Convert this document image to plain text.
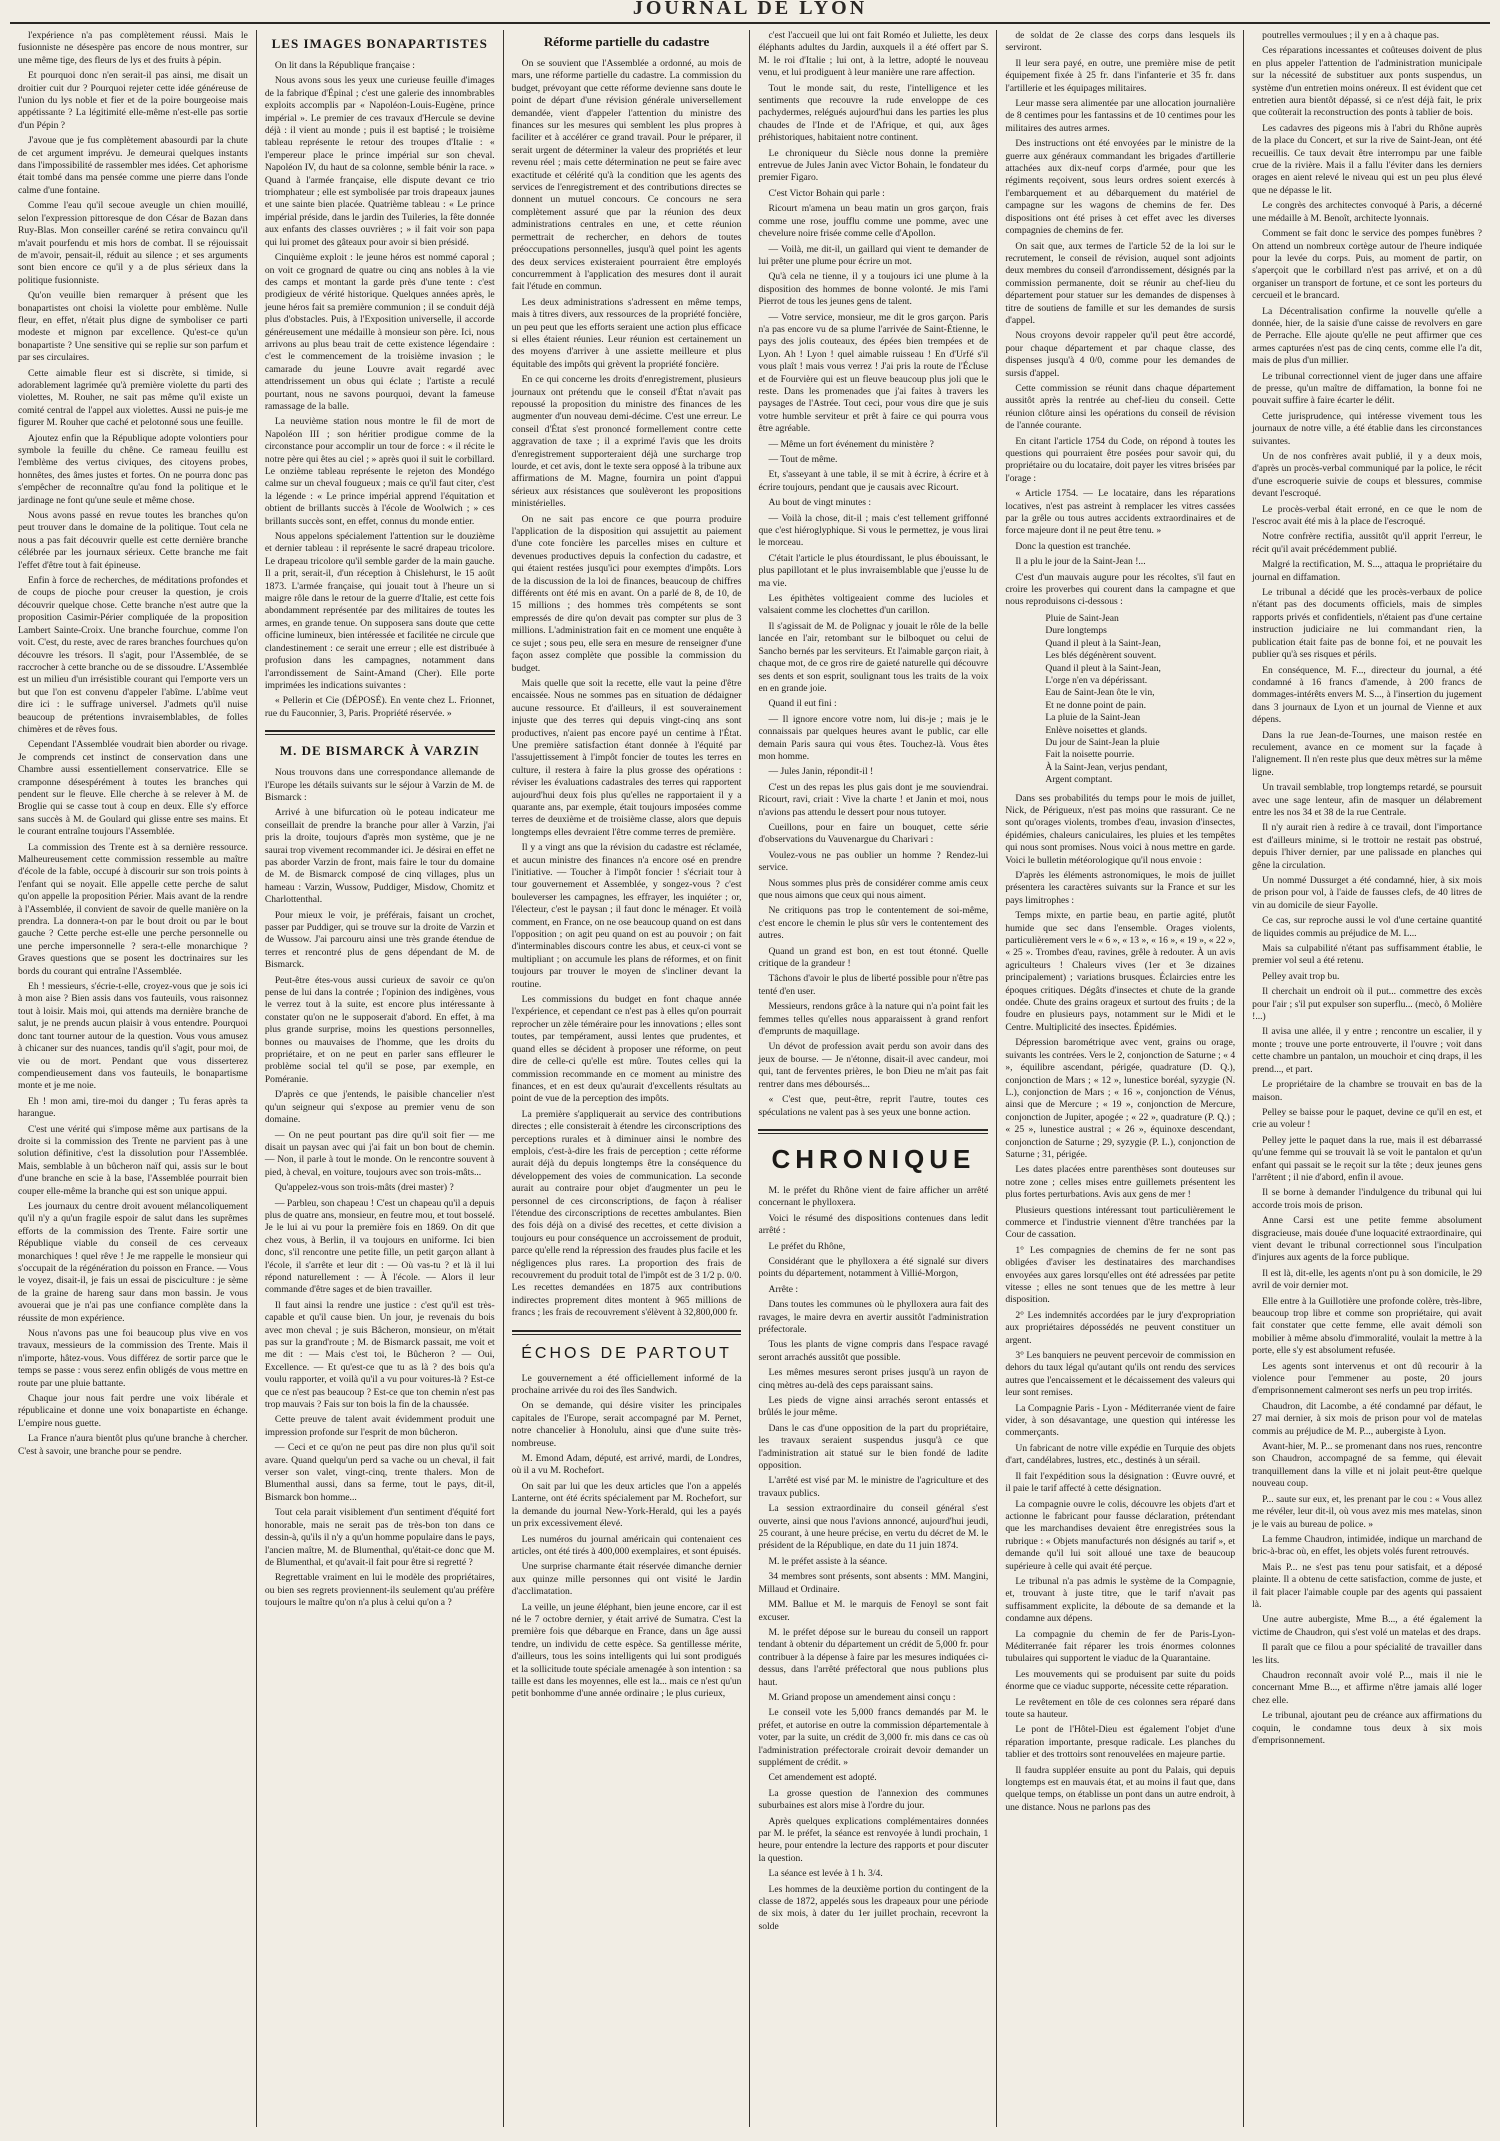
JOURNAL DE LYON

l'expérience n'a pas complètement réussi. Mais le fusionniste ne désespère pas encore de nous montrer, sur une même tige, des fleurs de lys et des fruits à pépin.

Et pourquoi donc n'en serait-il pas ainsi, me disait un droitier cuit dur ? Pourquoi rejeter cette idée généreuse de l'union du lys noble et fier et de la poire bourgeoise mais appétissante ? La légitimité elle-même n'est-elle pas sortie d'un Pépin ?

J'avoue que je fus complètement abasourdi par la chute de cet argument imprévu. Je demeurai quelques instants dans l'impossibilité de rassembler mes idées. Cet aphorisme était tombé dans ma pensée comme une pierre dans l'onde calme d'une fontaine.

Comme l'eau qu'il secoue aveugle un chien mouillé, selon l'expression pittoresque de don César de Bazan dans Ruy-Blas. Mon conseiller caréné se retira convaincu qu'il m'avait pourfendu et mis hors de combat. Il se réjouissait de m'avoir, pensait-il, réduit au silence ; et ses arguments sont bien encore ce qu'il y a de plus sérieux dans la politique fusionniste.

Qu'on veuille bien remarquer à présent que les bonapartistes ont choisi la violette pour emblème. Nulle fleur, en effet, n'était plus digne de symboliser ce parti modeste et mignon par excellence. Qu'est-ce qu'un bonapartiste ? Une sensitive qui se replie sur son parfum et par ses circulaires.

Cette aimable fleur est si discrète, si timide, si adorablement lagrimée qu'à première violette du parti des violettes, M. Rouher, ne sait pas même qu'il existe un comité central de l'appel aux violettes. Aussi ne puis-je me figurer M. Rouher que caché et pelotonné sous une feuille.

Ajoutez enfin que la République adopte volontiers pour symbole la feuille du chêne. Ce rameau feuillu est l'emblème des vertus civiques, des citoyens probes, honnêtes, des âmes justes et fortes. On ne pourra donc pas s'empêcher de reconnaître qu'au fond la politique et le jardinage ne font qu'une seule et même chose.

Nous avons passé en revue toutes les branches qu'on peut trouver dans le domaine de la politique. Tout cela ne nous a pas fait découvrir quelle est cette dernière branche célébrée par les journaux sérieux. Cette branche me fait l'effet d'être tout à fait épineuse.

Enfin à force de recherches, de méditations profondes et de coups de pioche pour creuser la question, je crois découvrir quelque chose. Cette branche n'est autre que la proposition Casimir-Périer compliquée de la proposition Lambert Sainte-Croix. Une branche fourchue, comme l'on voit. C'est, du reste, avec de rares branches fourchues qu'on découvre les trésors. Il s'agit, pour l'Assemblée, de se raccrocher à cette branche ou de se dissoudre. L'Assemblée est un milieu d'un irrésistible courant qui l'emporte vers un but que l'on est convenu d'appeler l'abîme. L'abîme veut dire ici : le suffrage universel. J'admets qu'il nuise beaucoup de prétentions invraisemblables, de folles chimères et de rêves fous.

Cependant l'Assemblée voudrait bien aborder ou rivage. Je comprends cet instinct de conservation dans une Chambre aussi essentiellement conservatrice. Elle se cramponne désespérément à toutes les branches qui pendent sur le fleuve. Elle cherche à se relever à M. de Broglie qui se casse tout à coup en deux. Elle s'y efforce sans succès à M. de Goulard qui glisse entre ses mains. Et le courant entraîne toujours l'Assemblée.

La commission des Trente est à sa dernière ressource. Malheureusement cette commission ressemble au maître d'école de la fable, occupé à discourir sur son trois points à l'enfant qui se noyait. Elle appelle cette perche de salut qu'on appelle la proposition Périer. Mais avant de la rendre à l'Assemblée, il convient de savoir de quelle manière on la prendra. La donnera-t-on par le bout droit ou par le bout gauche ? Cette perche est-elle une perche personnelle ou une perche impersonnelle ? sera-t-elle monarchique ? Graves questions que se posent les doctrinaires sur les bords du courant qui entraîne l'Assemblée.

Eh ! messieurs, s'écrie-t-elle, croyez-vous que je sois ici à mon aise ? Bien assis dans vos fauteuils, vous raisonnez tout à loisir. Mais moi, qui attends ma dernière branche de salut, je ne prends aucun plaisir à vous entendre. Pourquoi donc tant tourner autour de la question. Vous vous amusez à chicaner sur des nuances, tandis qu'il s'agit, pour moi, de vie ou de mort. Pendant que vous disserterez compendieusement dans vos fauteuils, le bonapartisme monte et je me noie.

Eh ! mon ami, tire-moi du danger ; Tu feras après ta harangue.

C'est une vérité qui s'impose même aux partisans de la droite si la commission des Trente ne parvient pas à une solution définitive, c'est la dissolution pour l'Assemblée. Mais, semblable à un bûcheron naïf qui, assis sur le bout d'une branche en scie à la base, l'Assemblée pourrait bien couper elle-même la branche qui est son unique appui.

Les journaux du centre droit avouent mélancoliquement qu'il n'y a qu'un fragile espoir de salut dans les suprêmes efforts de la commission des Trente. Faire sortir une République viable du conseil de ces cerveaux monarchiques ! quel rêve ! Je me rappelle le monsieur qui s'occupait de la régénération du poisson en France. — Vous le voyez, disait-il, je fais un essai de pisciculture : je sème de la graine de hareng saur dans mon bassin. Je vous avouerai que je n'ai pas une confiance complète dans la réussite de mon expérience.

Nous n'avons pas une foi beaucoup plus vive en vos travaux, messieurs de la commission des Trente. Mais il n'importe, hâtez-vous. Vous différez de sortir parce que le temps se passe : vous serez enfin obligés de vous mettre en route par une pluie battante.

Chaque jour nous fait perdre une voix libérale et républicaine et donne une voix bonapartiste en échange. L'empire nous guette.

La France n'aura bientôt plus qu'une branche à chercher. C'est à savoir, une branche pour se pendre.

LES IMAGES BONAPARTISTES

On lit dans la République française :

Nous avons sous les yeux une curieuse feuille d'images de la fabrique d'Épinal ; c'est une galerie des innombrables exploits accomplis par « Napoléon-Louis-Eugène, prince impérial ». Le premier de ces travaux d'Hercule se devine déjà : il vient au monde ; puis il est baptisé ; le troisième tableau représente le retour des troupes d'Italie : « l'empereur place le prince impérial sur son cheval. Napoléon IV, du haut de sa colonne, semble bénir la race. » Quand à l'armée française, elle dispute devant ce trio triomphateur ; elle est symbolisée par trois drapeaux jaunes et une sainte bien placée. Quatrième tableau : « Le prince impérial préside, dans le jardin des Tuileries, la fête donnée aux enfants des classes ouvrières ; » il fait voir son papa qui lui promet des gâteaux pour avoir si bien présidé.

Cinquième exploit : le jeune héros est nommé caporal ; on voit ce grognard de quatre ou cinq ans nobles à la vie des camps et montant la garde près d'une tente : c'est prodigieux de vérité historique. Quelques années après, le jeune héros fait sa première communion ; il se conduit déjà plus d'obstacles. Puis, à l'Exposition universelle, il accorde généreusement une médaille à monsieur son père. Ici, nous arrivons au plus beau trait de cette existence légendaire : c'est le commencement de la troisième invasion ; le camarade du jeune Louvre avait regardé avec attendrissement un obus qui éclate ; l'artiste a reculé pourtant, nous ne savons pourquoi, devant la fameuse ramassage de la balle.

La neuvième station nous montre le fil de mort de Napoléon III ; son héritier prodigue comme de la circonstance pour accomplir un tour de force : « il récite le notre père qui êtes au ciel ; » après quoi il suit le corbillard. Le onzième tableau représente le rejeton des Mondégo calme sur un cheval fougueux ; mais ce qu'il faut citer, c'est la légende : « Le prince impérial apprend l'équitation et obtient de brillants succès à l'école de Woolwich ; » ces brillants succès sont, en effet, connus du monde entier.

Nous appelons spécialement l'attention sur le douzième et dernier tableau : il représente le sacré drapeau tricolore. Le drapeau tricolore qu'il semble garder de la main gauche. Il a prit, serait-il, d'un réception à Chislehurst, le 15 août 1873. L'armée française, qui jouait tout à l'heure un si maigre rôle dans le retour de la guerre d'Italie, est cette fois abondamment représentée par des militaires de toutes les armes, en grande tenue. On supposera sans doute que cette officine lumineux, bien intéressée et facilitée ne circule que clandestinement : ce serait une erreur ; elle est distribuée à profusion dans les campagnes, notamment dans l'arrondissement de Saint-Amand (Cher). Elle porte imprimées les indications suivantes :

« Pellerin et Cie (DÉPOSÉ). En vente chez L. Frionnet, rue du Fauconnier, 3, Paris. Propriété réservée. »

M. DE BISMARCK À VARZIN

Nous trouvons dans une correspondance allemande de l'Europe les détails suivants sur le séjour à Varzin de M. de Bismarck :

Arrivé à une bifurcation où le poteau indicateur me conseillait de prendre la branche pour aller à Varzin, j'ai pris la droite, toujours d'après mon système, que je ne saurai trop vivement recommander ici. Je désirai en effet ne pas aborder Varzin de front, mais faire le tour du domaine de M. de Bismarck composé de cinq villages, plus un hameau : Varzin, Wussow, Puddiger, Misdow, Chomitz et Charlottenthal.

Pour mieux le voir, je préférais, faisant un crochet, passer par Puddiger, qui se trouve sur la droite de Varzin et de Wussow. J'ai parcouru ainsi une très grande étendue de terres et rencontré plus de gens dépendant de M. de Bismarck.

Peut-être étes-vous aussi curieux de savoir ce qu'on pense de lui dans la contrée ; l'opinion des indigènes, vous le verrez tout à la suite, est encore plus intéressante à constater qu'on ne le supposerait d'abord. En effet, à ma plus grande surprise, moins les questions personnelles, bonnes ou mauvaises de l'homme, que les droits du propriétaire, et on ne peut en parler sans effleurer le problème social tel qu'il se pose, par exemple, en Poméranie.

D'après ce que j'entends, le paisible chancelier n'est qu'un seigneur qui s'expose au premier venu de son domaine.

— On ne peut pourtant pas dire qu'il soit fier — me disait un paysan avec qui j'ai fait un bon bout de chemin. — Non, il parle à tout le monde. On le rencontre souvent à pied, à cheval, en voiture, toujours avec son trois-mâts...

Qu'appelez-vous son trois-mâts (drei master) ?

— Parbleu, son chapeau ! C'est un chapeau qu'il a depuis plus de quatre ans, monsieur, en feutre mou, et tout bosselé. Je le lui ai vu pour la première fois en 1869. On dit que chez vous, à Berlin, il va toujours en uniforme. Ici bien donc, s'il rencontre une petite fille, un petit garçon allant à l'école, il s'arrête et leur dit : — Où vas-tu ? et là il lui répond naturellement : — À l'école. — Alors il leur commande d'être sages et de bien travailler.

Il faut ainsi la rendre une justice : c'est qu'il est très-capable et qu'il cause bien. Un jour, je revenais du bois avec mon cheval ; je suis Bâcheron, monsieur, on m'était pas sur la grand'route ; M. de Bismarck passait, me voit et me dit : — Mais c'est toi, le Bûcheron ? — Oui, Excellence. — Et qu'est-ce que tu as là ? des bois qu'a voulu rapporter, et voilà qu'il a vu pour voitures-là ? Est-ce que ce n'est pas beaucoup ? Est-ce que ton chemin n'est pas trop mauvais ? Fais sur ton bois la fin de la chaussée.

Cette preuve de talent avait évidemment produit une impression profonde sur l'esprit de mon bûcheron.

— Ceci et ce qu'on ne peut pas dire non plus qu'il soit avare. Quand quelqu'un perd sa vache ou un cheval, il fait verser son valet, vingt-cinq, trente thalers. Mon de Blumenthal aussi, dans sa ferme, tout le pays, dit-il, Bismarck bon homme...

Tout cela parait visiblement d'un sentiment d'équité fort honorable, mais ne serait pas de très-bon ton dans ce dessin-à, qu'ils il n'y a qu'un homme populaire dans le pays, l'ancien maître, M. de Blumenthal, qu'était-ce donc que M. de Blumenthal, et qu'avait-il fait pour être si regretté ?

Regrettable vraiment en lui le modèle des propriétaires, ou bien ses regrets proviennent-ils seulement qu'au préfère toujours le maître qu'on n'a plus à celui qu'on a ?

Réforme partielle du cadastre

On se souvient que l'Assemblée a ordonné, au mois de mars, une réforme partielle du cadastre. La commission du budget, prévoyant que cette réforme devienne sans doute le point de départ d'une révision générale universellement demandée, vient d'appeler l'attention du ministre des finances sur les mesures qui semblent les plus propres à faciliter et à accélérer ce grand travail. Pour le préparer, il serait urgent de déterminer la valeur des propriétés et leur revenu réel ; mais cette détermination ne peut se faire avec exactitude et célérité qu'à la condition que les agents des services de l'enregistrement et des contributions directes se donnent un mutuel concours. Ce concours ne sera complètement assuré que par la réunion des deux administrations centrales en une, et cette réunion permettrait de rechercher, en dehors de toutes préoccupations personnelles, jusqu'à quel point les agents des deux services existeraient pourraient être employés concurremment à l'application des mesures dont il aurait fait l'étude en commun.

Les deux administrations s'adressent en même temps, mais à titres divers, aux ressources de la propriété foncière, un peu peut que les efforts seraient une action plus efficace si elles étaient réunies. Leur réunion est certainement un des moyens d'arriver à une assiette meilleure et plus équitable des impôts qui grèvent la propriété foncière.

En ce qui concerne les droits d'enregistrement, plusieurs journaux ont prétendu que le conseil d'État n'avait pas repoussé la proposition du ministre des finances de les augmenter d'un nouveau demi-décime. C'est une erreur. Le conseil d'État s'est prononcé formellement contre cette aggravation de taxe ; il a exprimé l'avis que les droits d'enregistrement supporteraient déjà une surcharge trop lourde, et cet avis, dont le texte sera opposé à la tribune aux affirmations de M. Magne, fournira un point d'appui sérieux aux résistances que soulèveront les propositions ministérielles.

On ne sait pas encore ce que pourra produire l'application de la disposition qui assujettit au paiement d'une cote foncière les parcelles mises en culture et devenues productives depuis la confection du cadastre, et qui étaient restées jusqu'ici pour exemptes d'impôts. Lors de la discussion de la loi de finances, beaucoup de chiffres différents ont été mis en avant. On a parlé de 8, de 10, de 15 millions ; des hommes très compétents se sont empressés de dire qu'on devait pas compter sur plus de 3 millions. L'administration fait en ce moment une enquête à ce sujet ; sous peu, elle sera en mesure de renseigner d'une façon assez complète que possible la commission du budget.

Mais quelle que soit la recette, elle vaut la peine d'être encaissée. Nous ne sommes pas en situation de dédaigner aucune ressource. Et d'ailleurs, il est souverainement injuste que des terres qui depuis vingt-cinq ans sont productives, n'aient pas encore payé un centime à l'État. Une première satisfaction étant donnée à l'équité par l'assujettissement à l'impôt foncier de toutes les terres en culture, il restera à faire la plus grosse des opérations : réviser les évaluations cadastrales des terres qui rapportent aujourd'hui deux fois plus qu'elles ne rapportaient il y a quarante ans, par exemple, était toujours imposées comme terres de deuxième et de troisième classe, alors que depuis longtemps elles devraient l'être comme terres de première.

Il y a vingt ans que la révision du cadastre est réclamée, et aucun ministre des finances n'a encore osé en prendre l'initiative. — Toucher à l'impôt foncier ! s'écriait tour à tour gouvernement et Assemblée, y songez-vous ? c'est bouleverser les campagnes, les effrayer, les inquiéter ; or, l'électeur, c'est le paysan ; il faut donc le ménager. Et voilà comment, en France, on ne ose beaucoup quand on est dans l'opposition ; on agit peu quand on est au pouvoir ; on fait d'interminables discours contre les abus, et ceux-ci vont se multipliant ; on accumule les plans de réformes, et on finit toujours par trouver le moyen de s'incliner devant la routine.

Les commissions du budget en font chaque année l'expérience, et cependant ce n'est pas à elles qu'on pourrait reprocher un zèle téméraire pour les innovations ; elles sont toutes, par tempérament, aussi lentes que prudentes, et quand elles se décident à proposer une réforme, on peut dire de celle-ci qu'elle est mûre. Toutes celles qui la commission recommande en ce moment au ministre des finances, et en est deux qu'aurait d'excellents résultats au point de vue de la perception des impôts.

La première s'appliquerait au service des contributions directes ; elle consisterait à étendre les circonscriptions des perceptions rurales et à diminuer ainsi le nombre des emplois, c'est-à-dire les frais de perception ; cette réforme aurait déjà du depuis longtemps être la conséquence du développement des voies de communication. La seconde aurait au contraire pour objet d'augmenter un peu le personnel de ces circonscriptions, de façon à réaliser l'étendue des circonscriptions de recettes ambulantes. Bien des fois déjà on a divisé des recettes, et cette division a toujours eu pour conséquence un accroissement de produit, parce qu'elle rend la répression des fraudes plus facile et les négligences plus rares. La proportion des frais de recouvrement du produit total de l'impôt est de 3 1/2 p. 0/0. Les recettes demandées en 1875 aux contributions indirectes proprement dites montent à 965 millions de francs ; les frais de recouvrement s'élèvent à 32,800,000 fr.

ÉCHOS DE PARTOUT

Le gouvernement a été officiellement informé de la prochaine arrivée du roi des îles Sandwich.

On se demande, qui désire visiter les principales capitales de l'Europe, serait accompagné par M. Pernet, notre chancelier à Honolulu, ainsi que d'une suite très-nombreuse.

M. Emond Adam, député, est arrivé, mardi, de Londres, où il a vu M. Rochefort.

On sait par lui que les deux articles que l'on a appelés Lanterne, ont été écrits spécialement par M. Rochefort, sur la demande du journal New-York-Herald, qui les a payés un prix excessivement élevé.

Les numéros du journal américain qui contenaient ces articles, ont été tirés à 400,000 exemplaires, et sont épuisés.

Une surprise charmante était réservée dimanche dernier aux quinze mille personnes qui ont visité le Jardin d'acclimatation.

La veille, un jeune éléphant, bien jeune encore, car il est né le 7 octobre dernier, y était arrivé de Sumatra. C'est la première fois que débarque en France, dans un âge aussi tendre, un individu de cette espèce. Sa gentillesse mérite, d'ailleurs, tous les soins intelligents qui lui sont prodigués et la sollicitude toute spéciale amenagée à son intention : sa taille est dans les moyennes, elle est la... mais ce n'est qu'un petit bonhomme d'une année ordinaire ; le plus curieux,

c'est l'accueil que lui ont fait Roméo et Juliette, les deux éléphants adultes du Jardin, auxquels il a été offert par S. M. le roi d'Italie ; lui ont, à la lettre, adopté le nouveau venu, et lui prodiguent à leur manière une rare affection.

Tout le monde sait, du reste, l'intelligence et les sentiments que recouvre la rude enveloppe de ces pachydermes, relégués aujourd'hui dans les parties les plus chaudes de l'Inde et de l'Afrique, et qui, aux âges préhistoriques, habitaient notre continent.

Le chroniqueur du Siècle nous donne la première entrevue de Jules Janin avec Victor Bohain, le fondateur du premier Figaro.

C'est Victor Bohain qui parle :

Ricourt m'amena un beau matin un gros garçon, frais comme une rose, joufflu comme une pomme, avec une chevelure noire frisée comme celle d'Apollon.

— Voilà, me dit-il, un gaillard qui vient te demander de lui prêter une plume pour écrire un mot.

Qu'à cela ne tienne, il y a toujours ici une plume à la disposition des hommes de bonne volonté. Je mis l'ami Pierrot de tous les jeunes gens de talent.

— Votre service, monsieur, me dit le gros garçon. Paris n'a pas encore vu de sa plume l'arrivée de Saint-Étienne, le pays des jolis couteaux, des épées bien trempées et de Lyon. Ah ! Lyon ! quel aimable ruisseau ! En d'Urfé s'il vous plaît ! mais vous verrez ! J'ai pris la route de l'Écluse et de Fourvière qui est un fleuve beaucoup plus joli que le reste. Dans les promenades que j'ai faites à travers les paysages de l'Astrée. Tout ceci, pour vous dire que je suis votre humble serviteur et prêt à faire ce qui pourra vous être agréable.

— Même un fort événement du ministère ?

— Tout de même.

Et, s'asseyant à une table, il se mit à écrire, à écrire et à écrire toujours, pendant que je causais avec Ricourt.

Au bout de vingt minutes :

— Voilà la chose, dit-il ; mais c'est tellement griffonné que c'est hiéroglyphique. Si vous le permettez, je vous lirai le morceau.

C'était l'article le plus étourdissant, le plus ébouissant, le plus papillotant et le plus invraisemblable que j'eusse lu de ma vie.

Les épithètes voltigeaient comme des lucioles et valsaient comme les clochettes d'un carillon.

Il s'agissait de M. de Polignac y jouait le rôle de la belle lancée en l'air, retombant sur le bilboquet ou celui de Sancho bernés par les serviteurs. Et l'aimable garçon riait, à chaque mot, de ce gros rire de gaieté naturelle qui découvre ses dents et son esprit, soulignant tous les traits de la voix en en grande joie.

Quand il eut fini :

— Il ignore encore votre nom, lui dis-je ; mais je le connaissais par quelques heures avant le public, car elle demain Paris saura qui vous êtes. Touchez-là. Vous êtes mon homme.

— Jules Janin, répondit-il !

C'est un des repas les plus gais dont je me souviendrai. Ricourt, ravi, criait : Vive la charte ! et Janin et moi, nous n'avions pas attendu le dessert pour nous tutoyer.

Cueillons, pour en faire un bouquet, cette série d'observations du Vauvenargue du Charivari :

Voulez-vous ne pas oublier un homme ? Rendez-lui service.

Nous sommes plus près de considérer comme amis ceux que nous aimons que ceux qui nous aiment.

Ne critiquons pas trop le contentement de soi-même, c'est encore le chemin le plus sûr vers le contentement des autres.

Quand un grand est bon, en est tout étonné. Quelle critique de la grandeur !

Tâchons d'avoir le plus de liberté possible pour n'être pas tenté d'en user.

Messieurs, rendons grâce à la nature qui n'a point fait les femmes telles qu'elles nous apparaissent à grand renfort d'emprunts de maquillage.

Un dévot de profession avait perdu son avoir dans des jeux de bourse. — Je n'étonne, disait-il avec candeur, moi qui, tant de ferventes prières, le bon Dieu ne m'ait pas fait rentrer dans mes déboursés...

« C'est que, peut-être, reprit l'autre, toutes ces spéculations ne valent pas à ses yeux une bonne action.

CHRONIQUE

M. le préfet du Rhône vient de faire afficher un arrêté concernant le phylloxera.

Voici le résumé des dispositions contenues dans ledit arrêté :

Le préfet du Rhône,

Considérant que le phylloxera a été signalé sur divers points du département, notamment à Villié-Morgon,

Arrête :

Dans toutes les communes où le phylloxera aura fait des ravages, le maire devra en avertir aussitôt l'administration préfectorale.

Tous les plants de vigne compris dans l'espace ravagé seront arrachés aussitôt que possible.

Les mêmes mesures seront prises jusqu'à un rayon de cinq mètres au-delà des ceps paraissant sains.

Les pieds de vigne ainsi arrachés seront entassés et brûlés le jour même.

Dans le cas d'une opposition de la part du propriétaire, les travaux seraient suspendus jusqu'à ce que l'administration ait statué sur le bien fondé de ladite opposition.

L'arrêté est visé par M. le ministre de l'agriculture et des travaux publics.

La session extraordinaire du conseil général s'est ouverte, ainsi que nous l'avions annoncé, aujourd'hui jeudi, 25 courant, à une heure précise, en vertu du décret de M. le président de la République, en date du 11 juin 1874.

M. le préfet assiste à la séance.

34 membres sont présents, sont absents : MM. Mangini, Millaud et Ordinaire.

MM. Ballue et M. le marquis de Fenoyl se sont fait excuser.

M. le préfet dépose sur le bureau du conseil un rapport tendant à obtenir du département un crédit de 5,000 fr. pour contribuer à la dépense à faire par les mesures indiquées ci-dessus, dans l'arrêté préfectoral que nous publions plus haut.

M. Griand propose un amendement ainsi conçu :

Le conseil vote les 5,000 francs demandés par M. le préfet, et autorise en outre la commission départementale à voter, par la suite, un crédit de 3,000 fr. mis dans ce cas où l'administration préfectorale croirait devoir demander un supplément de crédit. »

Cet amendement est adopté.

La grosse question de l'annexion des communes suburbaines est alors mise à l'ordre du jour.

Après quelques explications complémentaires données par M. le préfet, la séance est renvoyée à lundi prochain, 1 heure, pour entendre la lecture des rapports et pour discuter la question.

La séance est levée à 1 h. 3/4.

Les hommes de la deuxième portion du contingent de la classe de 1872, appelés sous les drapeaux pour une période de six mois, à dater du 1er juillet prochain, recevront la solde

de soldat de 2e classe des corps dans lesquels ils serviront.

Il leur sera payé, en outre, une première mise de petit équipement fixée à 25 fr. dans l'infanterie et 35 fr. dans l'artillerie et les équipages militaires.

Leur masse sera alimentée par une allocation journalière de 8 centimes pour les fantassins et de 10 centimes pour les militaires des autres armes.

Des instructions ont été envoyées par le ministre de la guerre aux généraux commandant les brigades d'artillerie attachées aux dix-neuf corps d'armée, pour que les régiments reçoivent, sous leurs ordres soient exercés à l'embarquement et au débarquement du matériel de campagne sur les wagons de chemins de fer. Des dispositions ont été prises à cet effet avec les diverses compagnies de chemins de fer.

On sait que, aux termes de l'article 52 de la loi sur le recrutement, le conseil de révision, auquel sont adjoints deux membres du conseil d'arrondissement, désignés par la commission permanente, doit se réunir au chef-lieu du département pour statuer sur les demandes de dispenses à titre de soutiens de famille et sur les demandes de sursis d'appel.

Nous croyons devoir rappeler qu'il peut être accordé, pour chaque département et par chaque classe, des dispenses jusqu'à 4 0/0, comme pour les demandes de sursis d'appel.

Cette commission se réunit dans chaque département aussitôt après la rentrée au chef-lieu du conseil. Cette réunion clôture ainsi les opérations du conseil de révision de l'année courante.

En citant l'article 1754 du Code, on répond à toutes les questions qui pourraient être posées pour savoir qui, du propriétaire ou du locataire, doit payer les vitres brisées par l'orage :

« Article 1754. — Le locataire, dans les réparations locatives, n'est pas astreint à remplacer les vitres cassées par la grêle ou tous autres accidents extraordinaires et de force majeure dont il ne peut être tenu. »

Donc la question est tranchée.

Il a plu le jour de la Saint-Jean !...

C'est d'un mauvais augure pour les récoltes, s'il faut en croire les proverbes qui courent dans la campagne et que nous reproduisons ci-dessous :

Pluie de Saint-Jean
Dure longtemps
Quand il pleut à la Saint-Jean,
Les blés dégénèrent souvent.
Quand il pleut à la Saint-Jean,
L'orge n'en va dépérissant.
Eau de Saint-Jean ôte le vin,
Et ne donne point de pain.
La pluie de la Saint-Jean
Enlève noisettes et glands.
Du jour de Saint-Jean la pluie
Fait la noisette pourrie.
À la Saint-Jean, verjus pendant,
Argent comptant.

Dans ses probabilités du temps pour le mois de juillet, Nick, de Périgueux, n'est pas moins que rassurant. Ce ne sont qu'orages violents, trombes d'eau, invasion d'insectes, épidémies, chaleurs caniculaires, les pluies et les tempêtes qui nous sont promises. Nous voici à nous mettre en garde. Voici le bulletin météorologique qu'il nous envoie :

D'après les éléments astronomiques, le mois de juillet présentera les caractères suivants sur la France et sur les pays limitrophes :

Temps mixte, en partie beau, en partie agité, plutôt humide que sec dans l'ensemble. Orages violents, particulièrement vers le « 6 », « 13 », « 16 », « 19 », « 22 », « 25 ». Trombes d'eau, ravines, grêle à redouter. À un avis agriculteurs ! Chaleurs vives (1er et 3e dizaines principalement) ; variations brusques. Éclaircies entre les époques critiques. Dégâts d'insectes et chute de la grande ondée. Chute des grains orageux et surtout des fruits ; de la foudre en plusieurs pays, notamment sur le Midi et le Centre. Multiplicité des insectes. Épidémies.

Dépression barométrique avec vent, grains ou orage, suivants les contrées. Vers le 2, conjonction de Saturne ; « 4 », équilibre ascendant, périgée, quadrature (D. Q.), conjonction de Mars ; « 12 », lunestice boréal, syzygie (N. L.), conjonction de Mars ; « 16 », conjonction de Vénus, ainsi que de Mercure ; « 19 », conjonction de Mercure, conjonction de Jupiter, apogée ; « 22 », quadrature (P. Q.) ; « 25 », lunestice austral ; « 26 », équinoxe descendant, conjonction de Saturne ; 29, syzygie (P. L.), conjonction de Saturne ; 31, périgée.

Les dates placées entre parenthèses sont douteuses sur notre zone ; celles mises entre guillemets présentent les plus fortes perturbations. Avis aux gens de mer !

Plusieurs questions intéressant tout particulièrement le commerce et l'industrie viennent d'être tranchées par la Cour de cassation.

1° Les compagnies de chemins de fer ne sont pas obligées d'aviser les destinataires des marchandises envoyées aux gares lorsqu'elles ont été adressées par petite vitesse ; elles ne sont tenues que de les mettre à leur disposition.

2° Les indemnités accordées par le jury d'expropriation aux propriétaires dépossédés ne peuvent constituer un argent.

3° Les banquiers ne peuvent percevoir de commission en dehors du taux légal qu'autant qu'ils ont rendu des services autres que l'encaissement et le décaissement des valeurs qui leur sont remises.

La Compagnie Paris - Lyon - Méditerranée vient de faire vider, à son désavantage, une question qui intéresse les commerçants.

Un fabricant de notre ville expédie en Turquie des objets d'art, candélabres, lustres, etc., destinés à un sérail.

Il fait l'expédition sous la désignation : Œuvre ouvré, et il paie le tarif affecté à cette désignation.

La compagnie ouvre le colis, découvre les objets d'art et actionne le fabricant pour fausse déclaration, prétendant que les marchandises devaient être enregistrées sous la rubrique : « Objets manufacturés non désignés au tarif », et demande qu'il lui soit alloué une taxe de beaucoup supérieure à celle qui avait été perçue.

Le tribunal n'a pas admis le système de la Compagnie, et, trouvant à juste titre, que le tarif n'avait pas suffisamment explicite, la déboute de sa demande et la condamne aux dépens.

La compagnie du chemin de fer de Paris-Lyon-Méditerranée fait réparer les trois énormes colonnes tubulaires qui supportent le viaduc de la Quarantaine.

Les mouvements qui se produisent par suite du poids énorme que ce viaduc supporte, nécessite cette réparation.

Le revêtement en tôle de ces colonnes sera réparé dans toute sa hauteur.

Le pont de l'Hôtel-Dieu est également l'objet d'une réparation importante, presque radicale. Les planches du tablier et des trottoirs sont renouvelées en majeure partie.

Il faudra suppléer ensuite au pont du Palais, qui depuis longtemps est en mauvais état, et au moins il faut que, dans quelque temps, on établisse un pont dans un autre endroit, à une distance. Nous ne parlons pas des

poutrelles vermoulues ; il y en a à chaque pas.

Ces réparations incessantes et coûteuses doivent de plus en plus appeler l'attention de l'administration municipale sur la nécessité de substituer aux ponts suspendus, un système d'un entretien moins onéreux. Il est évident que cet entretien aura bientôt dépassé, si ce n'est déjà fait, le prix que coûterait la reconstruction des ponts à tablier de bois.

Les cadavres des pigeons mis à l'abri du Rhône auprès de la place du Concert, et sur la rive de Saint-Jean, ont été recueillis. Ce taux devait être interrompu par une faible crue de la rivière. Mais il a fallu l'éviter dans les derniers orages en aient relevé le niveau qui est un peu plus élevé que ne dépasse le lit.

Le congrès des architectes convoqué à Paris, a décerné une médaille à M. Benoît, architecte lyonnais.

Comment se fait donc le service des pompes funèbres ? On attend un nombreux cortège autour de l'heure indiquée pour la levée du corps. Puis, au moment de partir, on s'aperçoit que le corbillard n'est pas arrivé, et on a dû organiser un transport de fortune, et ce sont les porteurs du cercueil et le brancard.

La Décentralisation confirme la nouvelle qu'elle a donnée, hier, de la saisie d'une caisse de revolvers en gare de Perrache. Elle ajoute qu'elle ne peut affirmer que ces armes capturées n'est pas de cinq cents, comme elle l'a dit, mais de plus d'un millier.

Le tribunal correctionnel vient de juger dans une affaire de presse, qu'un maître de diffamation, la bonne foi ne pouvait suffire à faire écarter le délit.

Cette jurisprudence, qui intéresse vivement tous les journaux de notre ville, a été établie dans les circonstances suivantes.

Un de nos confrères avait publié, il y a deux mois, d'après un procès-verbal communiqué par la police, le récit d'une escroquerie suivie de coups et blessures, commise devant l'escroqué.

Le procès-verbal était erroné, en ce que le nom de l'escroc avait été mis à la place de l'escroqué.

Notre confrère rectifia, aussitôt qu'il apprit l'erreur, le récit qu'il avait précédemment publié.

Malgré la rectification, M. S..., attaqua le propriétaire du journal en diffamation.

Le tribunal a décidé que les procès-verbaux de police n'étant pas des documents officiels, mais de simples rapports privés et confidentiels, n'étaient pas d'une certaine instruction judiciaire ne lui commandant rien, la publication était faite pas de bonne foi, et ne pouvait les publier qu'à ses risques et périls.

En conséquence, M. F..., directeur du journal, a été condamné à 16 francs d'amende, à 200 francs de dommages-intérêts envers M. S..., à l'insertion du jugement dans 3 journaux de Lyon et un journal de Vienne et aux dépens.

Dans la rue Jean-de-Tournes, une maison restée en reculement, avance en ce moment sur la façade à l'alignement. Il n'en reste plus que deux mètres sur la même ligne.

Un travail semblable, trop longtemps retardé, se poursuit avec une sage lenteur, afin de masquer un délabrement entre les nos 34 et 38 de la rue Centrale.

Il n'y aurait rien à redire à ce travail, dont l'importance est d'ailleurs minime, si le trottoir ne restait pas obstrué, depuis l'hiver dernier, par une palissade en planches qui gêne la circulation.

Un nommé Dussurget a été condamné, hier, à six mois de prison pour vol, à l'aide de fausses clefs, de 40 litres de vin au domicile de sieur Fayolle.

Ce cas, sur reproche aussi le vol d'une certaine quantité de liquides commis au préjudice de M. L...

Mais sa culpabilité n'étant pas suffisamment établie, le premier vol seul a été retenu.

Pelley avait trop bu.

Il cherchait un endroit où il put... commettre des excès pour l'air ; s'il put expulser son superflu... (mecò, ô Molière !...)

Il avisa une allée, il y entre ; rencontre un escalier, il y monte ; trouve une porte entrouverte, il l'ouvre ; voit dans cette chambre un pantalon, un mouchoir et cinq draps, il les prend..., et part.

Le propriétaire de la chambre se trouvait en bas de la maison.

Pelley se baisse pour le paquet, devine ce qu'il en est, et crie au voleur !

Pelley jette le paquet dans la rue, mais il est débarrassé qu'une femme qui se trouvait là se voit le pantalon et qu'un enfant qui passait se le reçoit sur la tête ; deux jeunes gens l'arrêtent ; il nie d'abord, enfin il avoue.

Il se borne à demander l'indulgence du tribunal qui lui accorde trois mois de prison.

Anne Carsi est une petite femme absolument disgracieuse, mais douée d'une loquacité extraordinaire, qui vient devant le tribunal correctionnel sous l'inculpation d'injures aux agents de la force publique.

Il est là, dit-elle, les agents n'ont pu à son domicile, le 29 avril de voir dernier mot.

Elle entre à la Guillotière une profonde colère, très-libre, beaucoup trop libre et comme son propriétaire, qui avait fait constater que cette femme, elle avait démoli son mobilier à même absolu d'immoralité, voulait la mettre à la porte, elle s'y est absolument refusée.

Les agents sont intervenus et ont dû recourir à la violence pour l'emmener au poste, 20 jours d'emprisonnement calmeront ses nerfs un peu trop irrités.

Chaudron, dit Lacombe, a été condamné par défaut, le 27 mai dernier, à six mois de prison pour vol de matelas commis au préjudice de M. P..., aubergiste à Lyon.

Avant-hier, M. P... se promenant dans nos rues, rencontre son Chaudron, accompagné de sa femme, qui élevait tranquillement dans la ville et ni jolait peut-être quelque nouveau coup.

P... saute sur eux, et, les prenant par le cou : « Vous allez me révéler, leur dit-il, où vous avez mis mes matelas, sinon je le vais au bureau de police. »

La femme Chaudron, intimidée, indique un marchand de bric-à-brac où, en effet, les objets volés furent retrouvés.

Mais P... ne s'est pas tenu pour satisfait, et a déposé plainte. Il a obtenu de cette satisfaction, comme de juste, et il fait placer l'aimable couple par des agents qui passaient là.

Une autre aubergiste, Mme B..., a été également la victime de Chaudron, qui s'est volé un matelas et des draps.

Il paraît que ce filou a pour spécialité de travailler dans les lits.

Chaudron reconnaît avoir volé P..., mais il nie le concernant Mme B..., et affirme n'être jamais allé loger chez elle.

Le tribunal, ajoutant peu de créance aux affirmations du coquin, le condamne tous deux à six mois d'emprisonnement.
